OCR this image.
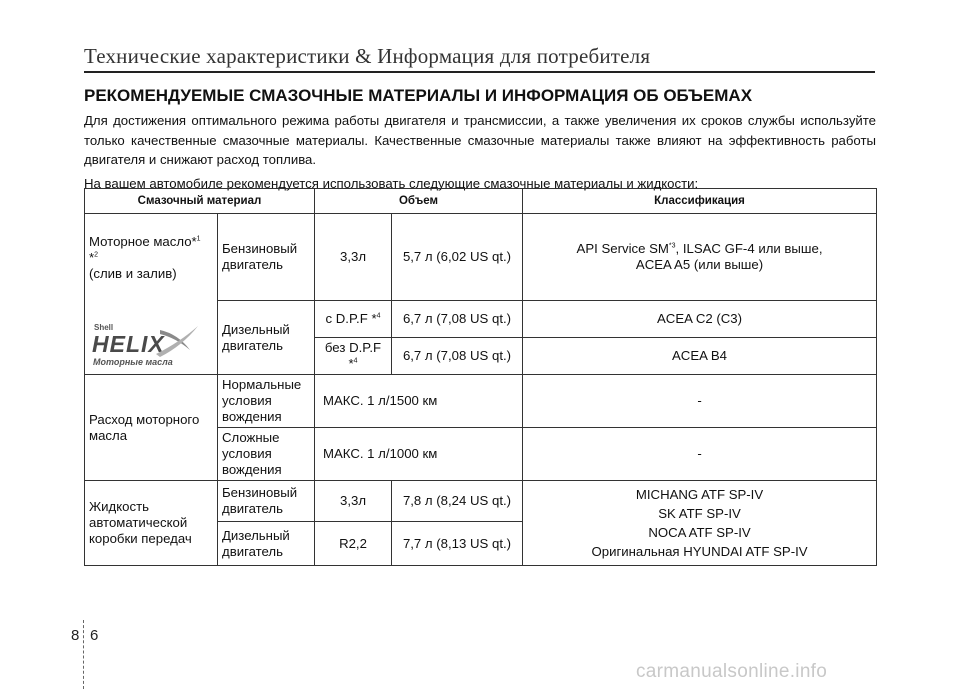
Технические характеристики & Информация для потребителя
РЕКОМЕНДУЕМЫЕ СМАЗОЧНЫЕ МАТЕРИАЛЫ И ИНФОРМАЦИЯ ОБ ОБЪЕМАХ

Для достижения оптимального режима работы двигателя и трансмиссии, а также увеличения их сроков службы используйте только качественные смазочные материалы. Качественные смазочные материалы также влияют на эффективность работы двигателя и снижают расход топлива.

На вашем автомобиле рекомендуется использовать следующие смазочные материалы и жидкости:

Смазочный материал		Объем		Классификация

Моторное масло*$^1$ *$^2$
(слив и залив)
Shell
HELIX
Моторные масла	Бензиновый двигатель	3,3л	5,7 л (6,02 US qt.)	API Service SM$^{*3}$, ILSAC GF-4 или выше,
ACEA A5 (или выше)

	Дизельный двигатель	с D.P.F *$^4$	6,7 л (7,08 US qt.)	ACEA C2 (C3)
		без D.P.F *$^4$	6,7 л (7,08 US qt.)	ACEA B4
Расход моторного масла	Нормальные условия вождения	МАКС. 1 л/1500 км		-
	Сложные условия вождения	МАКС. 1 л/1000 км		-
Жидкость автоматической коробки передач	Бензиновый двигатель	3,3л	7,8 л (8,24 US qt.)	MICHANG ATF SP-IV
SK ATF SP-IV
NOCA ATF SP-IV
Оригинальная HYUNDAI ATF SP-IV

	Дизельный двигатель	R2,2	7,7 л (8,13 US qt.)	
8 6
carmanualsonline.info
